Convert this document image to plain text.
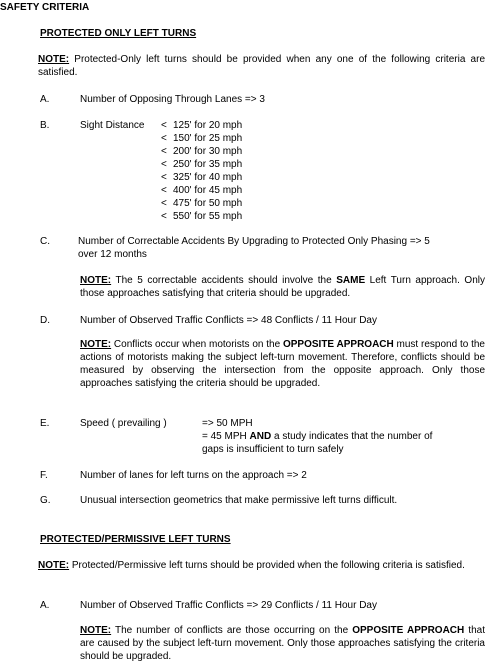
SAFETY CRITERIA
PROTECTED ONLY LEFT TURNS
NOTE: Protected-Only left turns should be provided when any one of the following criteria are satisfied.
A.	Number of Opposing Through Lanes => 3
B.	Sight Distance < 125' for 20 mph
< 150' for 25 mph
< 200' for 30 mph
< 250' for 35 mph
< 325' for 40 mph
< 400' for 45 mph
< 475' for 50 mph
< 550' for 55 mph
C.	Number of Correctable Accidents By Upgrading to Protected Only Phasing => 5
over 12 months
NOTE: The 5 correctable accidents should involve the SAME Left Turn approach. Only those approaches satisfying that criteria should be upgraded.
D.	Number of Observed Traffic Conflicts => 48 Conflicts / 11 Hour Day
NOTE: Conflicts occur when motorists on the OPPOSITE APPROACH must respond to the actions of motorists making the subject left-turn movement. Therefore, conflicts should be measured by observing the intersection from the opposite approach. Only those approaches satisfying the criteria should be upgraded.
E.	Speed ( prevailing )	=> 50 MPH
= 45 MPH AND a study indicates that the number of
gaps is insufficient to turn safely
F.	Number of lanes for left turns on the approach => 2
G.	Unusual intersection geometrics that make permissive left turns difficult.
PROTECTED/PERMISSIVE LEFT TURNS
NOTE: Protected/Permissive left turns should be provided when the following criteria is satisfied.
A.	Number of Observed Traffic Conflicts => 29 Conflicts / 11 Hour Day
NOTE: The number of conflicts are those occurring on the OPPOSITE APPROACH that are caused by the subject left-turn movement. Only those approaches satisfying the criteria should be upgraded.
